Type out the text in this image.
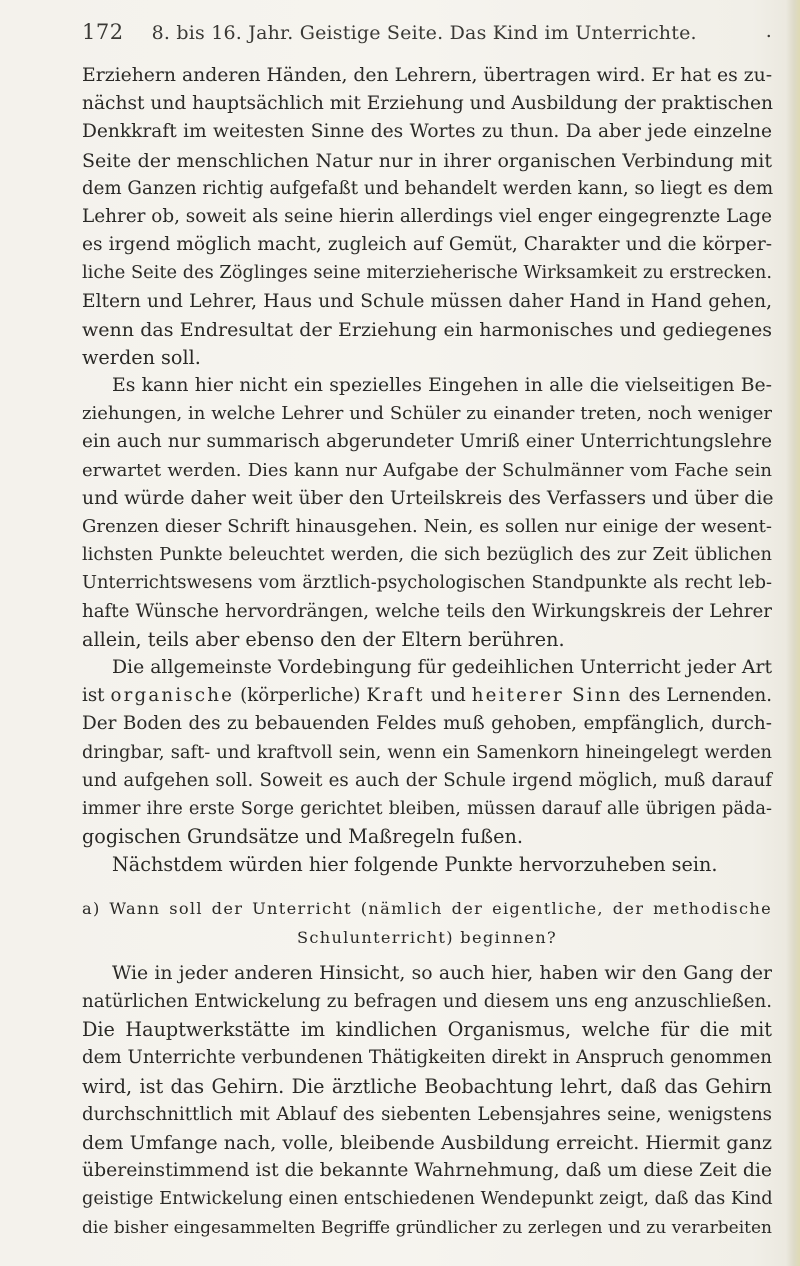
172 8. bis 16. Jahr. Geistige Seite. Das Kind im Unterrichte.	.
Erziehern anderen Händen, den Lehrern, übertragen wird. Er hat es zu-
nächst und hauptsächlich mit Erziehung und Ausbildung der praktischen
Denkkraft im weitesten Sinne des Wortes zu thun. Da aber jede einzelne
Seite der menschlichen Natur nur in ihrer organischen Verbindung mit
dem Ganzen richtig aufgefaßt und behandelt werden kann, so liegt es dem
Lehrer ob, soweit als seine hierin allerdings viel enger eingegrenzte Lage
es irgend möglich macht, zugleich auf Gemüt, Charakter und die körper-
liche Seite des Zöglinges seine miterzieherische Wirksamkeit zu erstrecken.
Eltern und Lehrer, Haus und Schule müssen daher Hand in Hand gehen,
wenn das Endresultat der Erziehung ein harmonisches und gediegenes
werden soll.
Es kann hier nicht ein spezielles Eingehen in alle die vielseitigen Be-
ziehungen, in welche Lehrer und Schüler zu einander treten, noch weniger
ein auch nur summarisch abgerundeter Umriß einer Unterrichtungslehre
erwartet werden. Dies kann nur Aufgabe der Schulmänner vom Fache sein
und würde daher weit über den Urteilskreis des Verfassers und über die
Grenzen dieser Schrift hinausgehen. Nein, es sollen nur einige der wesent-
lichsten Punkte beleuchtet werden, die sich bezüglich des zur Zeit üblichen
Unterrichtswesens vom ärztlich-psychologischen Standpunkte als recht leb-
hafte Wünsche hervordrängen, welche teils den Wirkungskreis der Lehrer
allein, teils aber ebenso den der Eltern berühren.
Die allgemeinste Vordebingung für gedeihlichen Unterricht jeder Art
ist organische (körperliche) Kraft und heiterer Sinn des Lernenden.
Der Boden des zu bebauenden Feldes muß gehoben, empfänglich, durch-
dringbar, saft- und kraftvoll sein, wenn ein Samenkorn hineingelegt werden
und aufgehen soll. Soweit es auch der Schule irgend möglich, muß darauf
immer ihre erste Sorge gerichtet bleiben, müssen darauf alle übrigen päda-
gogischen Grundsätze und Maßregeln fußen.
Nächstdem würden hier folgende Punkte hervorzuheben sein.
a) Wann soll der Unterricht (nämlich der eigentliche, der methodische
Schulunterricht) beginnen?
Wie in jeder anderen Hinsicht, so auch hier, haben wir den Gang der
natürlichen Entwickelung zu befragen und diesem uns eng anzuschließen.
Die Hauptwerkstätte im kindlichen Organismus, welche für die mit
dem Unterrichte verbundenen Thätigkeiten direkt in Anspruch genommen
wird, ist das Gehirn. Die ärztliche Beobachtung lehrt, daß das Gehirn
durchschnittlich mit Ablauf des siebenten Lebensjahres seine, wenigstens
dem Umfange nach, volle, bleibende Ausbildung erreicht. Hiermit ganz
übereinstimmend ist die bekannte Wahrnehmung, daß um diese Zeit die
geistige Entwickelung einen entschiedenen Wendepunkt zeigt, daß das Kind
die bisher eingesammelten Begriffe gründlicher zu zerlegen und zu verarbeiten
